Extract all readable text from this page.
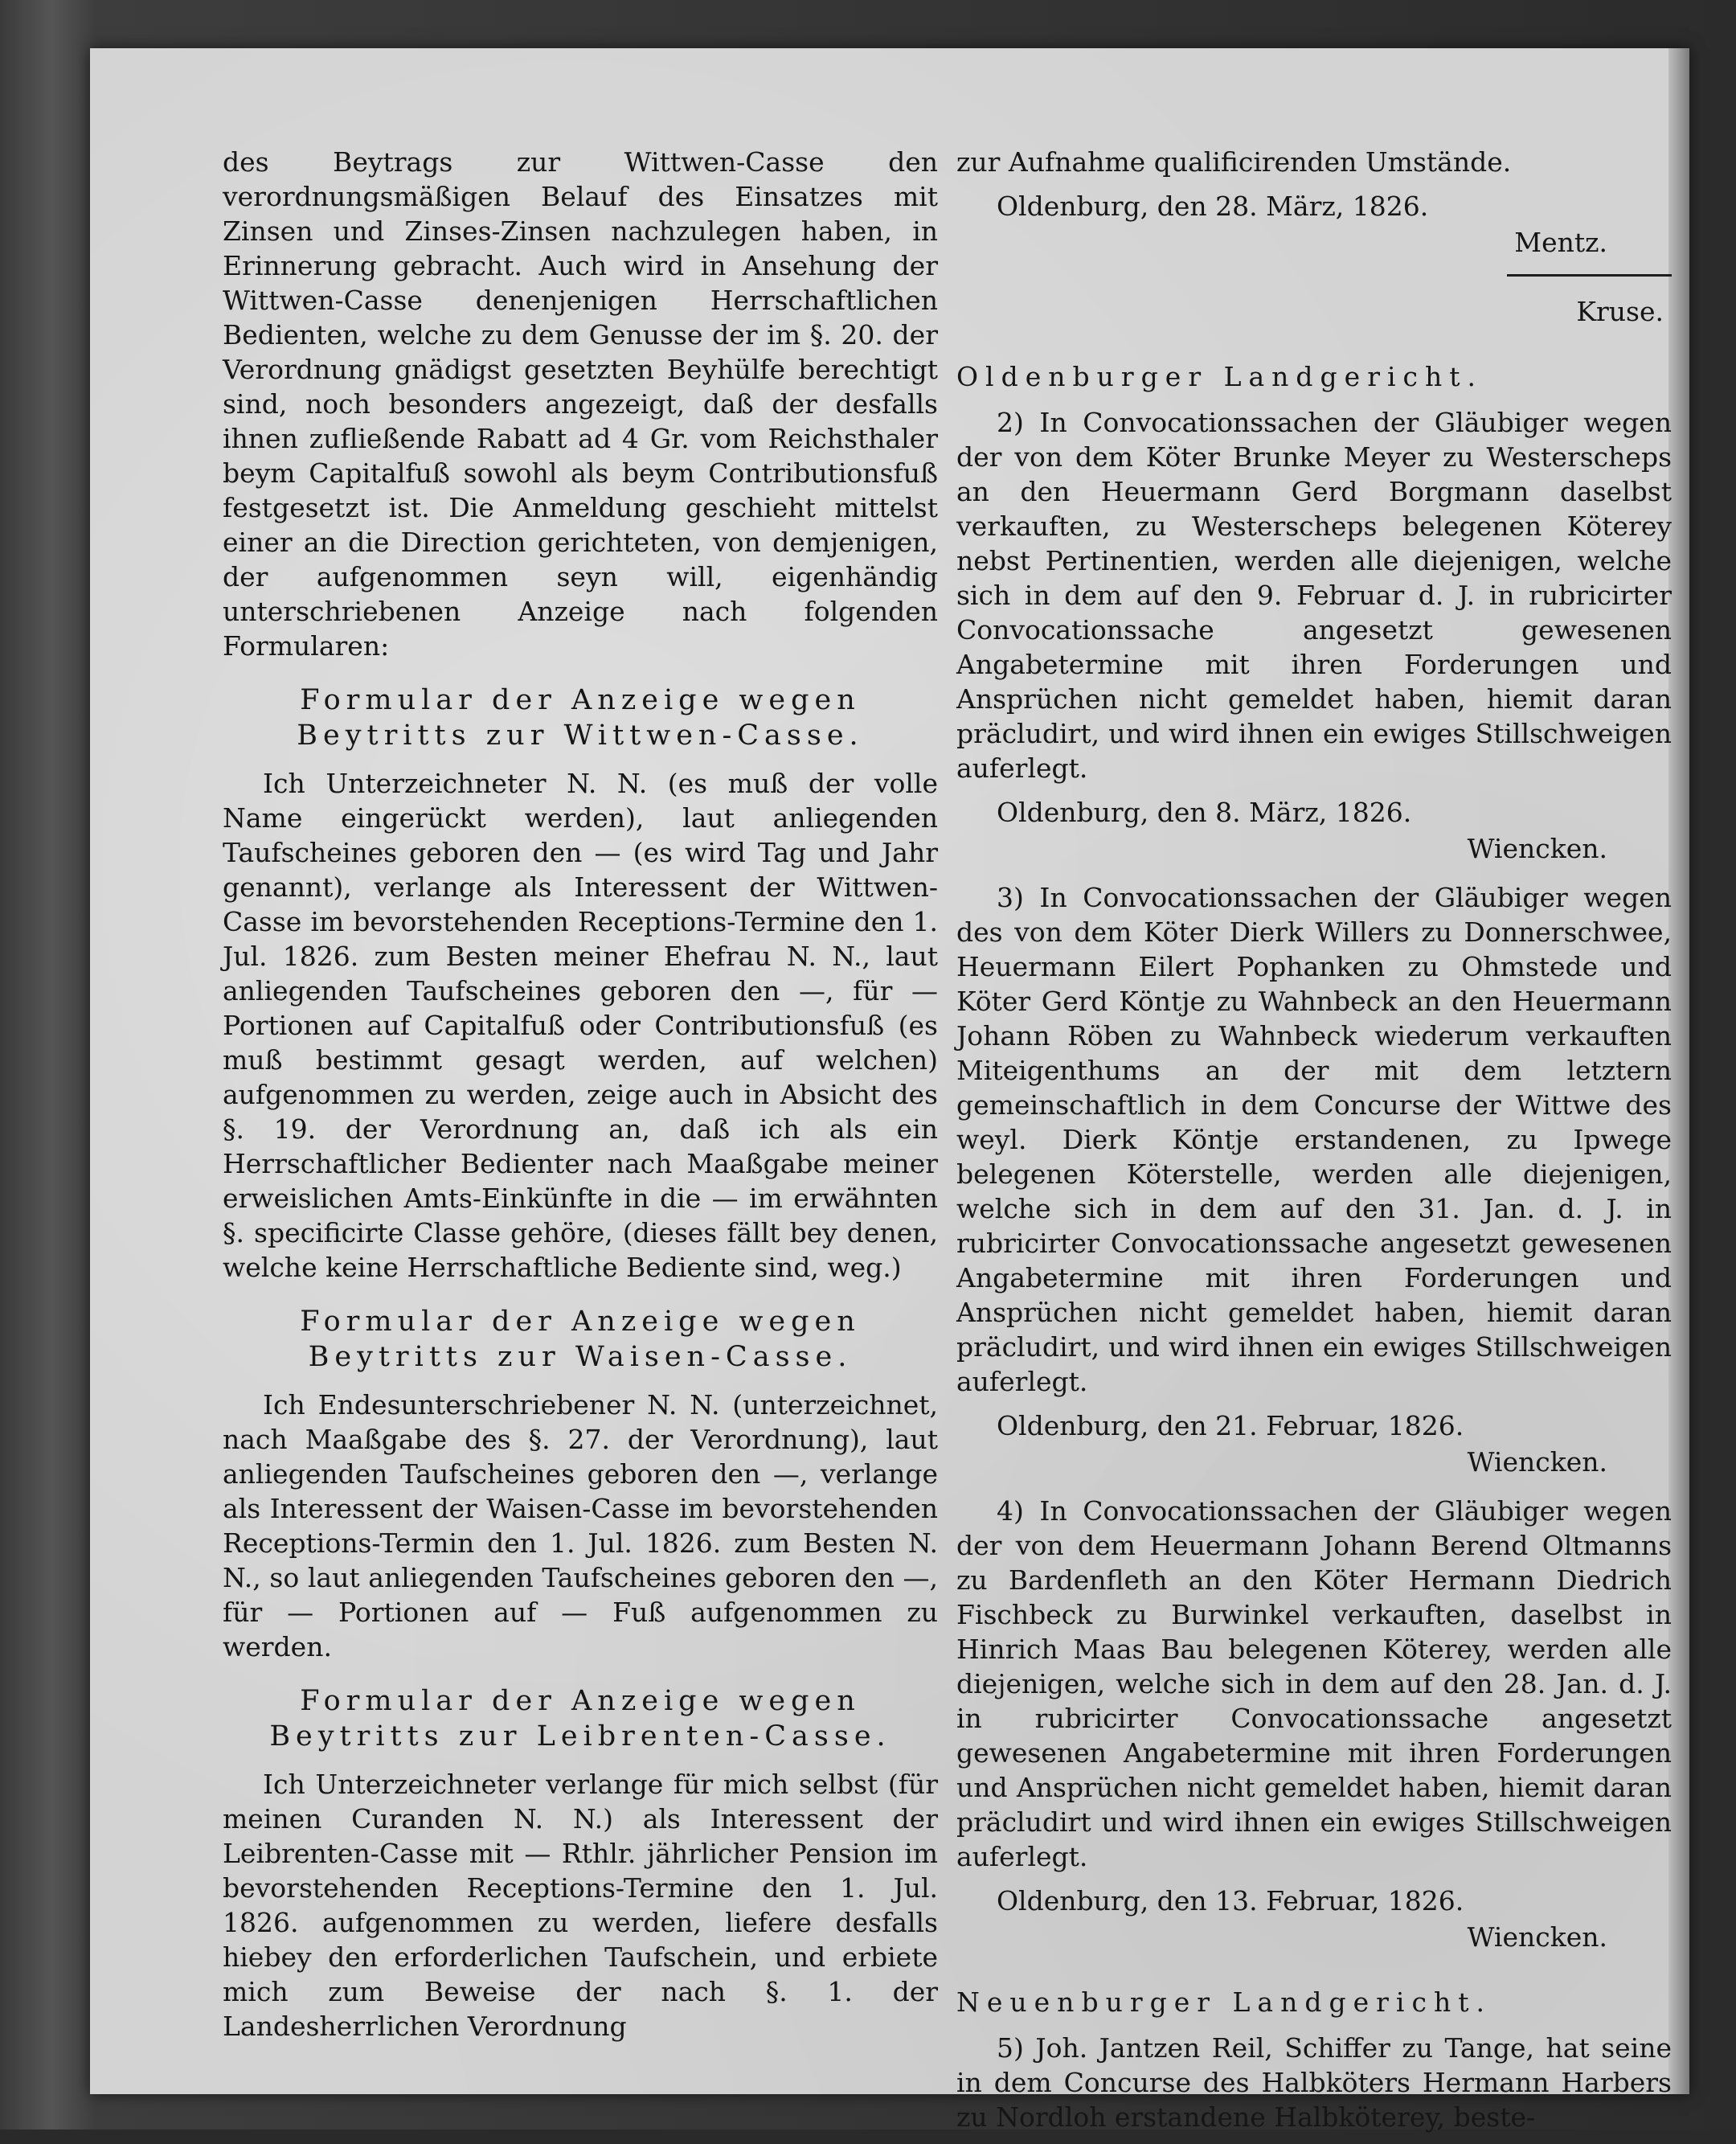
des Beytrags zur Wittwen-Casse den verordnungsmäßigen Belauf des Einsatzes mit Zinsen und Zinses-Zinsen nachzulegen haben, in Erinnerung gebracht. Auch wird in Ansehung der Wittwen-Casse denenjenigen Herrschaftlichen Bedienten, welche zu dem Genusse der im §. 20. der Verordnung gnädigst gesetzten Beyhülfe berechtigt sind, noch besonders angezeigt, daß der desfalls ihnen zufließende Rabatt ad 4 Gr. vom Reichsthaler beym Capitalfuß sowohl als beym Contributionsfuß festgesetzt ist. Die Anmeldung geschieht mittelst einer an die Direction gerichteten, von demjenigen, der aufgenommen seyn will, eigenhändig unterschriebenen Anzeige nach folgenden Formularen:

Formular der Anzeige wegen Beytritts zur Wittwen-Casse.

Ich Unterzeichneter N. N. (es muß der volle Name eingerückt werden), laut anliegenden Taufscheines geboren den — (es wird Tag und Jahr genannt), verlange als Interessent der Wittwen-Casse im bevorstehenden Receptions-Termine den 1. Jul. 1826. zum Besten meiner Ehefrau N. N., laut anliegenden Taufscheines geboren den —, für — Portionen auf Capitalfuß oder Contributionsfuß (es muß bestimmt gesagt werden, auf welchen) aufgenommen zu werden, zeige auch in Absicht des §. 19. der Verordnung an, daß ich als ein Herrschaftlicher Bedienter nach Maaßgabe meiner erweislichen Amts-Einkünfte in die — im erwähnten §. specificirte Classe gehöre, (dieses fällt bey denen, welche keine Herrschaftliche Bediente sind, weg.)

Formular der Anzeige wegen Beytritts zur Waisen-Casse.

Ich Endesunterschriebener N. N. (unterzeichnet, nach Maaßgabe des §. 27. der Verordnung), laut anliegenden Taufscheines geboren den —, verlange als Interessent der Waisen-Casse im bevorstehenden Receptions-Termin den 1. Jul. 1826. zum Besten N. N., so laut anliegenden Taufscheines geboren den —, für — Portionen auf — Fuß aufgenommen zu werden.

Formular der Anzeige wegen Beytritts zur Leibrenten-Casse.

Ich Unterzeichneter verlange für mich selbst (für meinen Curanden N. N.) als Interessent der Leibrenten-Casse mit — Rthlr. jährlicher Pension im bevorstehenden Receptions-Termine den 1. Jul. 1826. aufgenommen zu werden, liefere desfalls hiebey den erforderlichen Taufschein, und erbiete mich zum Beweise der nach §. 1. der Landesherrlichen Verordnung

zur Aufnahme qualificirenden Umstände.

Oldenburg, den 28. März, 1826.
Mentz.
Kruse.
Oldenburger Landgericht.

2) In Convocationssachen der Gläubiger wegen der von dem Köter Brunke Meyer zu Westerscheps an den Heuermann Gerd Borgmann daselbst verkauften, zu Westerscheps belegenen Köterey nebst Pertinentien, werden alle diejenigen, welche sich in dem auf den 9. Februar d. J. in rubricirter Convocationssache angesetzt gewesenen Angabetermine mit ihren Forderungen und Ansprüchen nicht gemeldet haben, hiemit daran präcludirt, und wird ihnen ein ewiges Stillschweigen auferlegt.

Oldenburg, den 8. März, 1826.
Wiencken.

3) In Convocationssachen der Gläubiger wegen des von dem Köter Dierk Willers zu Donnerschwee, Heuermann Eilert Pophanken zu Ohmstede und Köter Gerd Köntje zu Wahnbeck an den Heuermann Johann Röben zu Wahnbeck wiederum verkauften Miteigenthums an der mit dem letztern gemeinschaftlich in dem Concurse der Wittwe des weyl. Dierk Köntje erstandenen, zu Ipwege belegenen Köterstelle, werden alle diejenigen, welche sich in dem auf den 31. Jan. d. J. in rubricirter Convocationssache angesetzt gewesenen Angabetermine mit ihren Forderungen und Ansprüchen nicht gemeldet haben, hiemit daran präcludirt, und wird ihnen ein ewiges Stillschweigen auferlegt.

Oldenburg, den 21. Februar, 1826.
Wiencken.

4) In Convocationssachen der Gläubiger wegen der von dem Heuermann Johann Berend Oltmanns zu Bardenfleth an den Köter Hermann Diedrich Fischbeck zu Burwinkel verkauften, daselbst in Hinrich Maas Bau belegenen Köterey, werden alle diejenigen, welche sich in dem auf den 28. Jan. d. J. in rubricirter Convocationssache angesetzt gewesenen Angabetermine mit ihren Forderungen und Ansprüchen nicht gemeldet haben, hiemit daran präcludirt und wird ihnen ein ewiges Stillschweigen auferlegt.

Oldenburg, den 13. Februar, 1826.
Wiencken.
Neuenburger Landgericht.

5) Joh. Jantzen Reil, Schiffer zu Tange, hat seine in dem Concurse des Halbköters Hermann Harbers zu Nordloh erstandene Halbköterey, beste-
